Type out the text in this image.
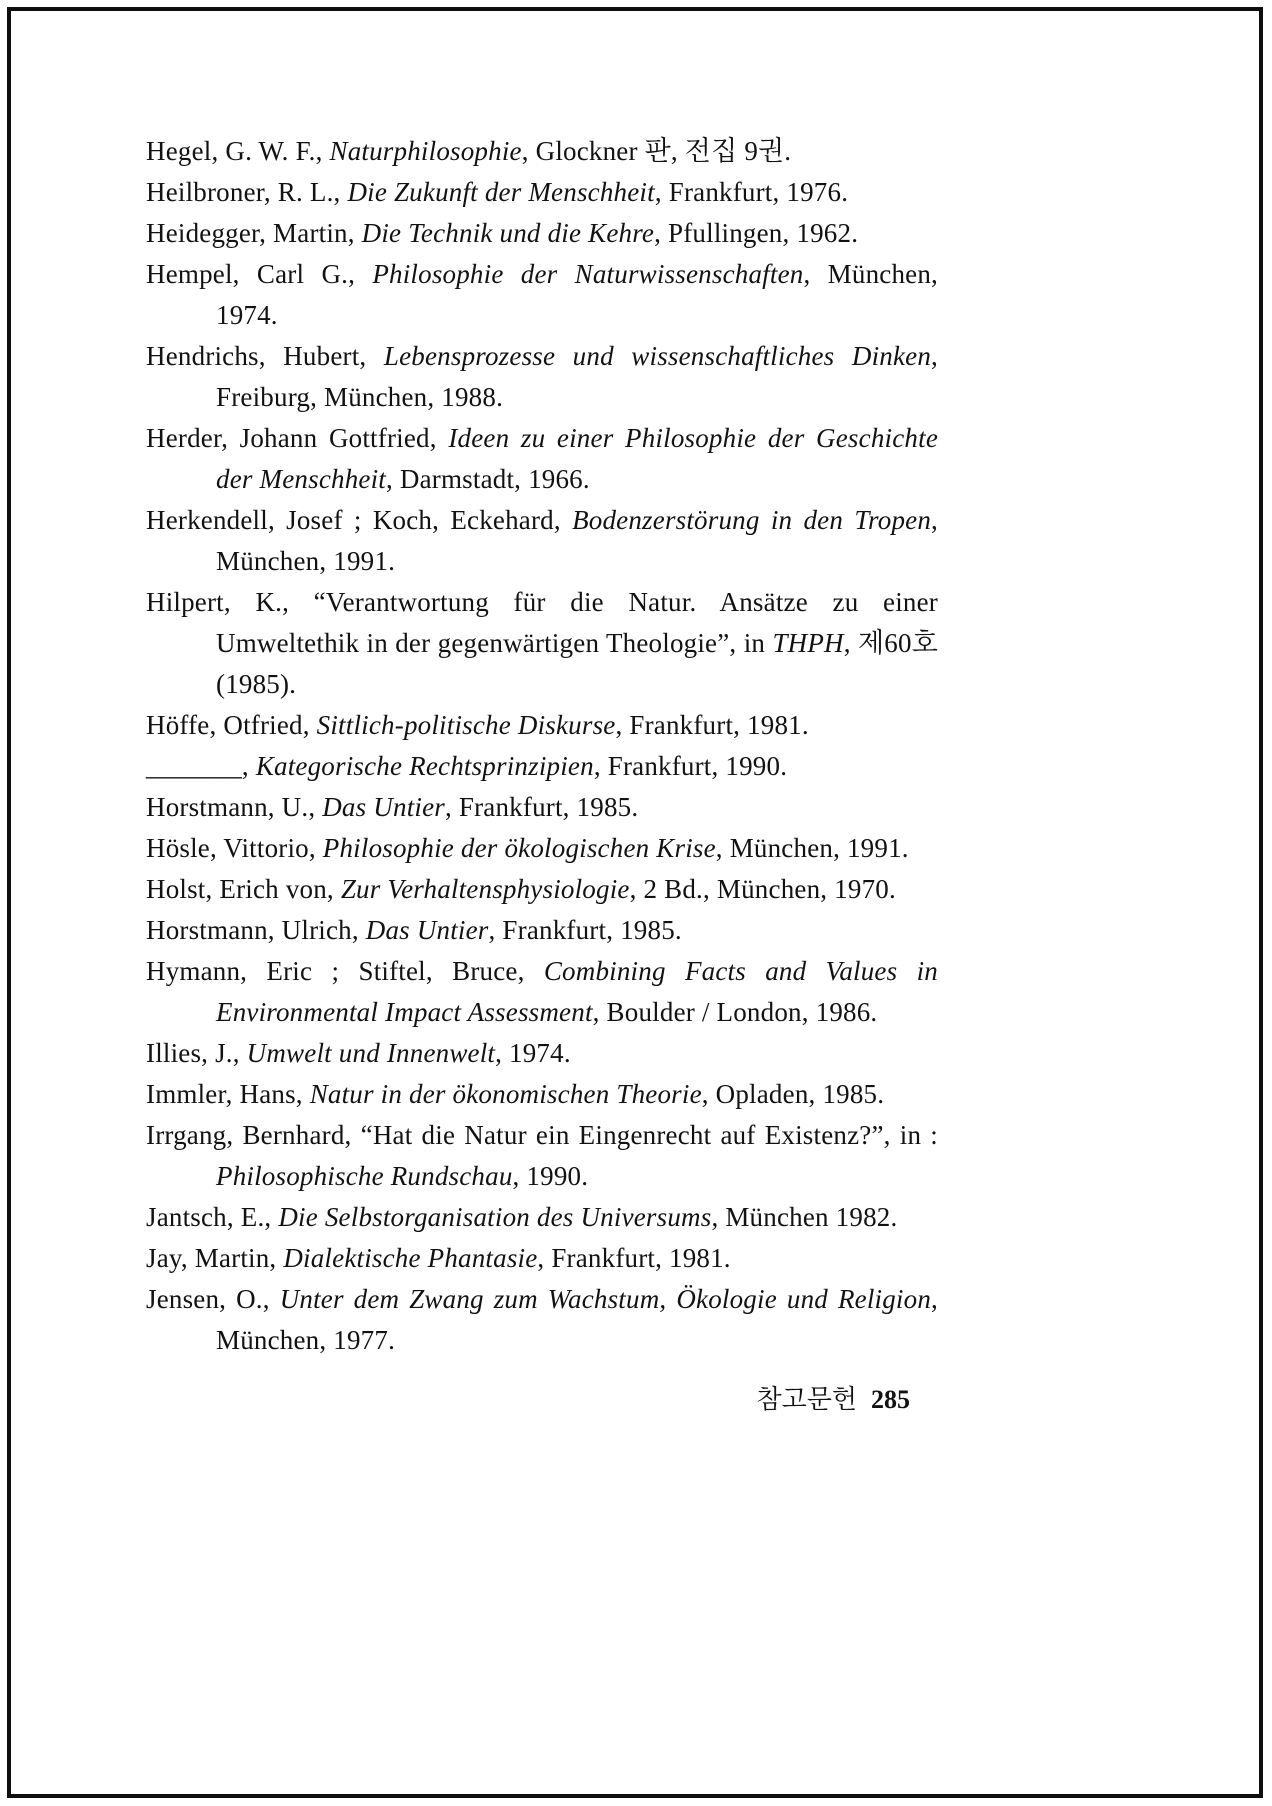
Hegel, G. W. F., Naturphilosophie, Glockner 판, 전집 9권.

Heilbroner, R. L., Die Zukunft der Menschheit, Frankfurt, 1976.

Heidegger, Martin, Die Technik und die Kehre, Pfullingen, 1962.

Hempel, Carl G., Philosophie der Naturwissenschaften, München, 1974.

Hendrichs, Hubert, Lebensprozesse und wissenschaftliches Dinken, Freiburg, München, 1988.

Herder, Johann Gottfried, Ideen zu einer Philosophie der Geschichte der Menschheit, Darmstadt, 1966.

Herkendell, Josef ; Koch, Eckehard, Bodenzerstörung in den Tropen, München, 1991.

Hilpert, K., “Verantwortung für die Natur. Ansätze zu einer Umweltethik in der gegenwärtigen Theologie”, in THPH, 제60호 (1985).

Höffe, Otfried, Sittlich-politische Diskurse, Frankfurt, 1981.

_______, Kategorische Rechtsprinzipien, Frankfurt, 1990.

Horstmann, U., Das Untier, Frankfurt, 1985.

Hösle, Vittorio, Philosophie der ökologischen Krise, München, 1991.

Holst, Erich von, Zur Verhaltensphysiologie, 2 Bd., München, 1970.

Horstmann, Ulrich, Das Untier, Frankfurt, 1985.

Hymann, Eric ; Stiftel, Bruce, Combining Facts and Values in Environmental Impact Assessment, Boulder / London, 1986.

Illies, J., Umwelt und Innenwelt, 1974.

Immler, Hans, Natur in der ökonomischen Theorie, Opladen, 1985.

Irrgang, Bernhard, “Hat die Natur ein Eingenrecht auf Existenz?”, in : Philosophische Rundschau, 1990.

Jantsch, E., Die Selbstorganisation des Universums, München 1982.

Jay, Martin, Dialektische Phantasie, Frankfurt, 1981.

Jensen, O., Unter dem Zwang zum Wachstum, Ökologie und Religion, München, 1977.

참고문헌 285
